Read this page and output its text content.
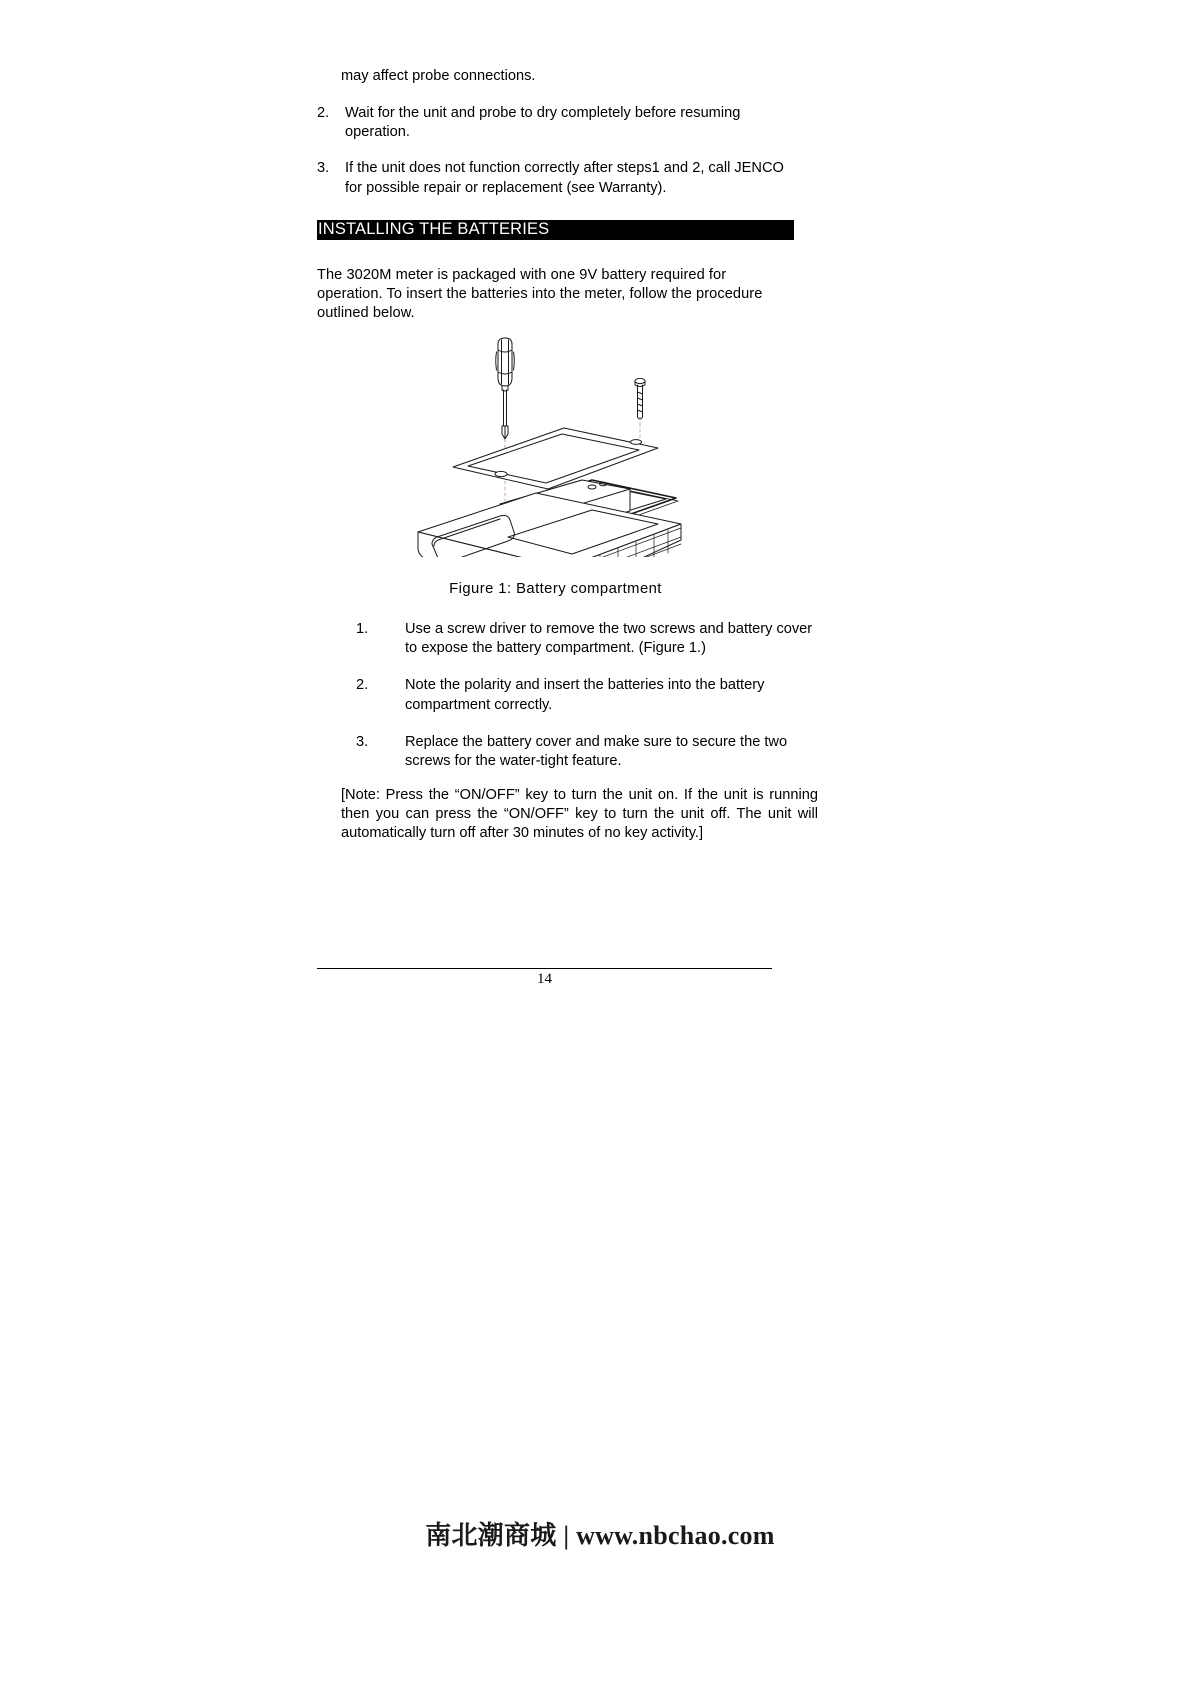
may affect probe connections.
2.	Wait for the unit and probe to dry completely before resuming operation.
3.	If the unit does not function correctly after steps1 and 2, call JENCO for possible repair or replacement (see Warranty).
INSTALLING THE BATTERIES
The 3020M meter is packaged with one 9V battery required for operation. To insert the batteries into the meter, follow the procedure outlined below.
Figure 1: Battery compartment
1.	Use a screw driver to remove the two screws and battery cover to expose the battery compartment. (Figure 1.)
2.	Note the polarity and insert the batteries into the battery compartment correctly.
3.	Replace the battery cover and make sure to secure the two screws for the water-tight feature.
[Note: Press the “ON/OFF” key to turn the unit on. If the unit is running then you can press the “ON/OFF” key to turn the unit off. The unit will automatically turn off after 30 minutes of no key activity.]
14
南北潮商城 | www.nbchao.com
